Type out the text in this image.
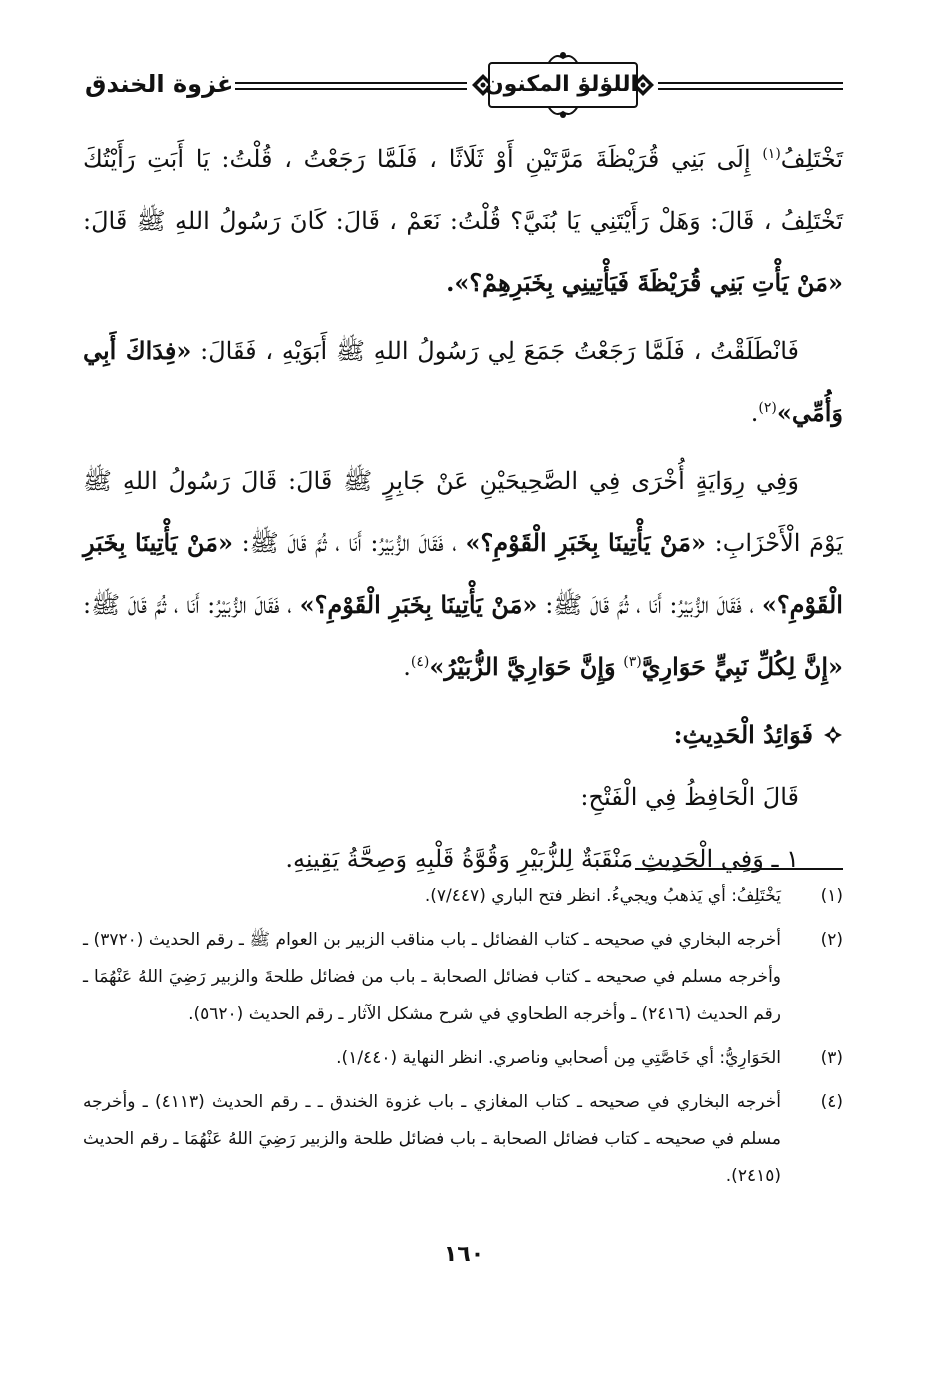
اللؤلؤ المكنون
غزوة الخندق

تَخْتَلِفُ$^{(١)}$ إِلَى بَنِي قُرَيْظَةَ مَرَّتَيْنِ أَوْ ثَلَاثًا ، فَلَمَّا رَجَعْتُ ، قُلْتُ: يَا أَبَتِ رَأَيْتُكَ تَخْتَلِفُ ، قَالَ: وَهَلْ رَأَيْتَنِي يَا بُنَيَّ؟ قُلْتُ: نَعَمْ ، قَالَ: كَانَ رَسُولُ اللهِ ﷺ قَالَ: «مَنْ يَأْتِ بَنِي قُرَيْظَةَ فَيَأْتِينِي بِخَبَرِهِمْ؟».

فَانْطَلَقْتُ ، فَلَمَّا رَجَعْتُ جَمَعَ لِي رَسُولُ اللهِ ﷺ أَبَوَيْهِ ، فَقَالَ: «فِدَاكَ أَبِي وَأُمِّي»$^{(٢)}$.

وَفِي رِوَايَةٍ أُخْرَى فِي الصَّحِيحَيْنِ عَنْ جَابِرٍ ﷺ قَالَ: قَالَ رَسُولُ اللهِ ﷺ يَوْمَ الْأَحْزَابِ: «مَنْ يَأْتِينَا بِخَبَرِ الْقَوْمِ؟» ، فَقَالَ الزُّبَيْرُ: أَنَا ، ثُمَّ قَالَ ﷺ: «مَنْ يَأْتِينَا بِخَبَرِ الْقَوْمِ؟» ، فَقَالَ الزُّبَيْرُ: أَنَا ، ثُمَّ قَالَ ﷺ: «مَنْ يَأْتِينَا بِخَبَرِ الْقَوْمِ؟» ، فَقَالَ الزُّبَيْرُ: أَنَا ، ثُمَّ قَالَ ﷺ: «إِنَّ لِكُلِّ نَبِيٍّ حَوَارِيَّ$^{(٣)}$ وَإِنَّ حَوَارِيَّ الزُّبَيْرُ»$^{(٤)}$.

فَوَائِدُ الْحَدِيثِ:

قَالَ الْحَافِظُ فِي الْفَتْحِ:

١ ـ وَفِي الْحَدِيثِ مَنْقَبَةٌ لِلزُّبَيْرِ وَقُوَّةُ قَلْبِهِ وَصِحَّةُ يَقِينِهِ.

(١)
يَخْتَلِفُ: أي يَذهبُ ويجيءُ. انظر فتح الباري (٧/٤٤٧).
(٢)
أخرجه البخاري في صحيحه ـ كتاب الفضائل ـ باب مناقب الزبير بن العوام ﷺ ـ رقم الحديث (٣٧٢٠) ـ وأخرجه مسلم في صحيحه ـ كتاب فضائل الصحابة ـ باب من فضائل طلحةَ والزبير رَضِيَ اللهُ عَنْهُمَا ـ رقم الحديث (٢٤١٦) ـ وأخرجه الطحاوي في شرح مشكل الآثار ـ رقم الحديث (٥٦٢٠).
(٣)
الحَوَارِيُّ: أي خَاصَّتِي مِن أصحابي وناصري. انظر النهاية (١/٤٤٠).
(٤)
أخرجه البخاري في صحيحه ـ كتاب المغازي ـ باب غزوة الخندق ـ ـ رقم الحديث (٤١١٣) ـ وأخرجه مسلم في صحيحه ـ كتاب فضائل الصحابة ـ باب فضائل طلحة والزبير رَضِيَ اللهُ عَنْهُمَا ـ رقم الحديث (٢٤١٥).
١٦٠
